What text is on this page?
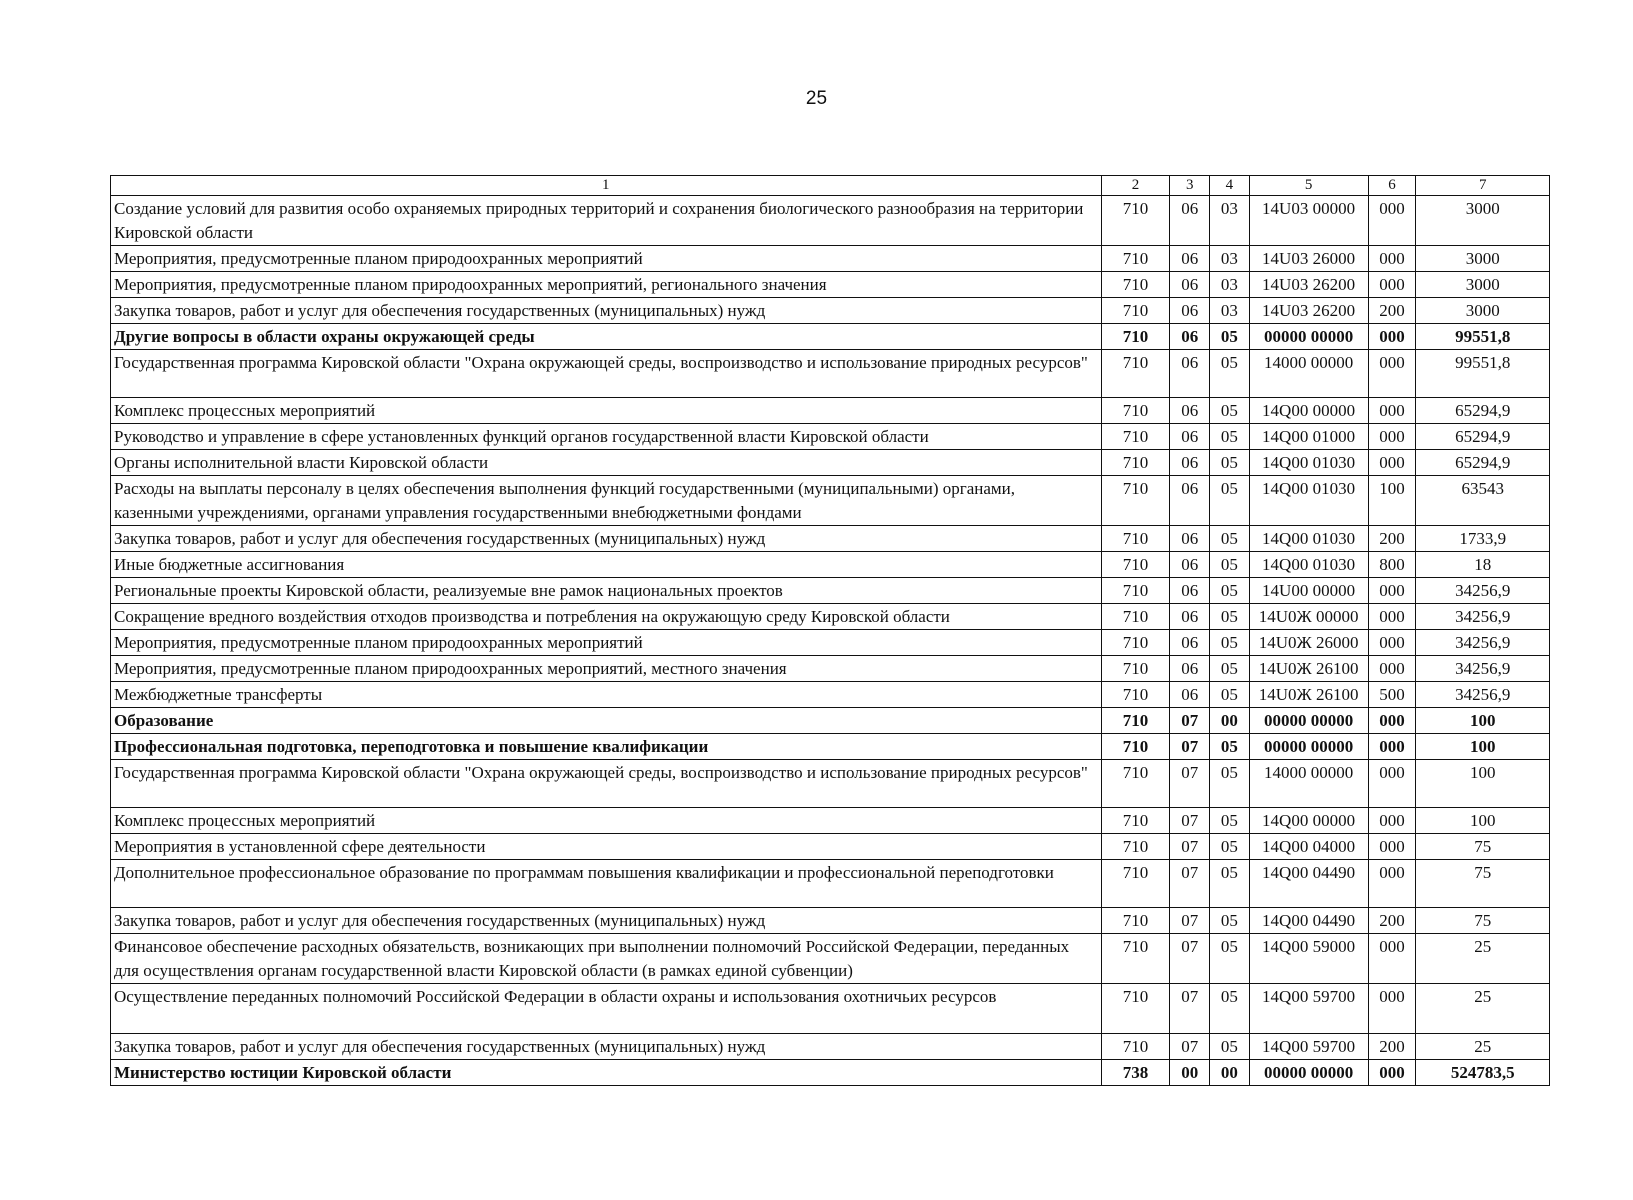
25
1	2	3	4	5	6	7
Создание условий для развития особо охраняемых природных территорий и сохранения биологического разнообразия на территории Кировской области	710	06	03	14U03 00000	000	3000
Мероприятия, предусмотренные планом природоохранных мероприятий	710	06	03	14U03 26000	000	3000
Мероприятия, предусмотренные планом природоохранных мероприятий, регионального значения	710	06	03	14U03 26200	000	3000
Закупка товаров, работ и услуг для обеспечения государственных (муниципальных) нужд	710	06	03	14U03 26200	200	3000
Другие вопросы в области охраны окружающей среды	710	06	05	00000 00000	000	99551,8
Государственная программа Кировской области "Охрана окружающей среды, воспроизводство и использование природных ресурсов"	710	06	05	14000 00000	000	99551,8
Комплекс процессных мероприятий	710	06	05	14Q00 00000	000	65294,9
Руководство и управление в сфере установленных функций органов государственной власти Кировской области	710	06	05	14Q00 01000	000	65294,9
Органы исполнительной власти Кировской области	710	06	05	14Q00 01030	000	65294,9
Расходы на выплаты персоналу в целях обеспечения выполнения функций государственными (муниципальными) органами, казенными учреждениями, органами управления государственными внебюджетными фондами	710	06	05	14Q00 01030	100	63543
Закупка товаров, работ и услуг для обеспечения государственных (муниципальных) нужд	710	06	05	14Q00 01030	200	1733,9
Иные бюджетные ассигнования	710	06	05	14Q00 01030	800	18
Региональные проекты Кировской области, реализуемые вне рамок национальных проектов	710	06	05	14U00 00000	000	34256,9
Сокращение вредного воздействия отходов производства и потребления на окружающую среду Кировской области	710	06	05	14U0Ж 00000	000	34256,9
Мероприятия, предусмотренные планом природоохранных мероприятий	710	06	05	14U0Ж 26000	000	34256,9
Мероприятия, предусмотренные планом природоохранных мероприятий, местного значения	710	06	05	14U0Ж 26100	000	34256,9
Межбюджетные трансферты	710	06	05	14U0Ж 26100	500	34256,9
Образование	710	07	00	00000 00000	000	100
Профессиональная подготовка, переподготовка и повышение квалификации	710	07	05	00000 00000	000	100
Государственная программа Кировской области "Охрана окружающей среды, воспроизводство и использование природных ресурсов"	710	07	05	14000 00000	000	100
Комплекс процессных мероприятий	710	07	05	14Q00 00000	000	100
Мероприятия в установленной сфере деятельности	710	07	05	14Q00 04000	000	75
Дополнительное профессиональное образование по программам повышения квалификации и профессиональной переподготовки	710	07	05	14Q00 04490	000	75
Закупка товаров, работ и услуг для обеспечения государственных (муниципальных) нужд	710	07	05	14Q00 04490	200	75
Финансовое обеспечение расходных обязательств, возникающих при выполнении полномочий Российской Федерации, переданных для осуществления органам государственной власти Кировской области (в рамках единой субвенции)	710	07	05	14Q00 59000	000	25
Осуществление переданных полномочий Российской Федерации в области охраны и использования охотничьих ресурсов	710	07	05	14Q00 59700	000	25
Закупка товаров, работ и услуг для обеспечения государственных (муниципальных) нужд	710	07	05	14Q00 59700	200	25
Министерство юстиции Кировской области	738	00	00	00000 00000	000	524783,5
